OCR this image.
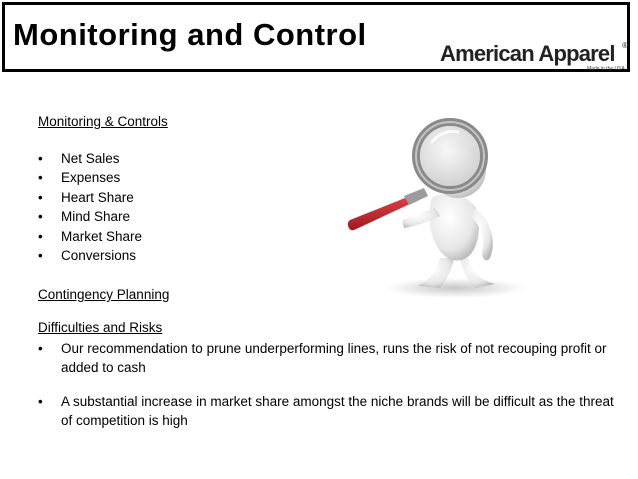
Monitoring and Control
American Apparel ®
Made in the USA
Monitoring & Controls
• Net Sales
• Expenses
• Heart Share
• Mind Share
• Market Share
• Conversions
Contingency Planning
Difficulties and Risks
•	Our recommendation to prune underperforming lines, runs the risk of not recouping profit or added to cash
•	A substantial increase in market share amongst the niche brands will be difficult as the threat of competition is high
